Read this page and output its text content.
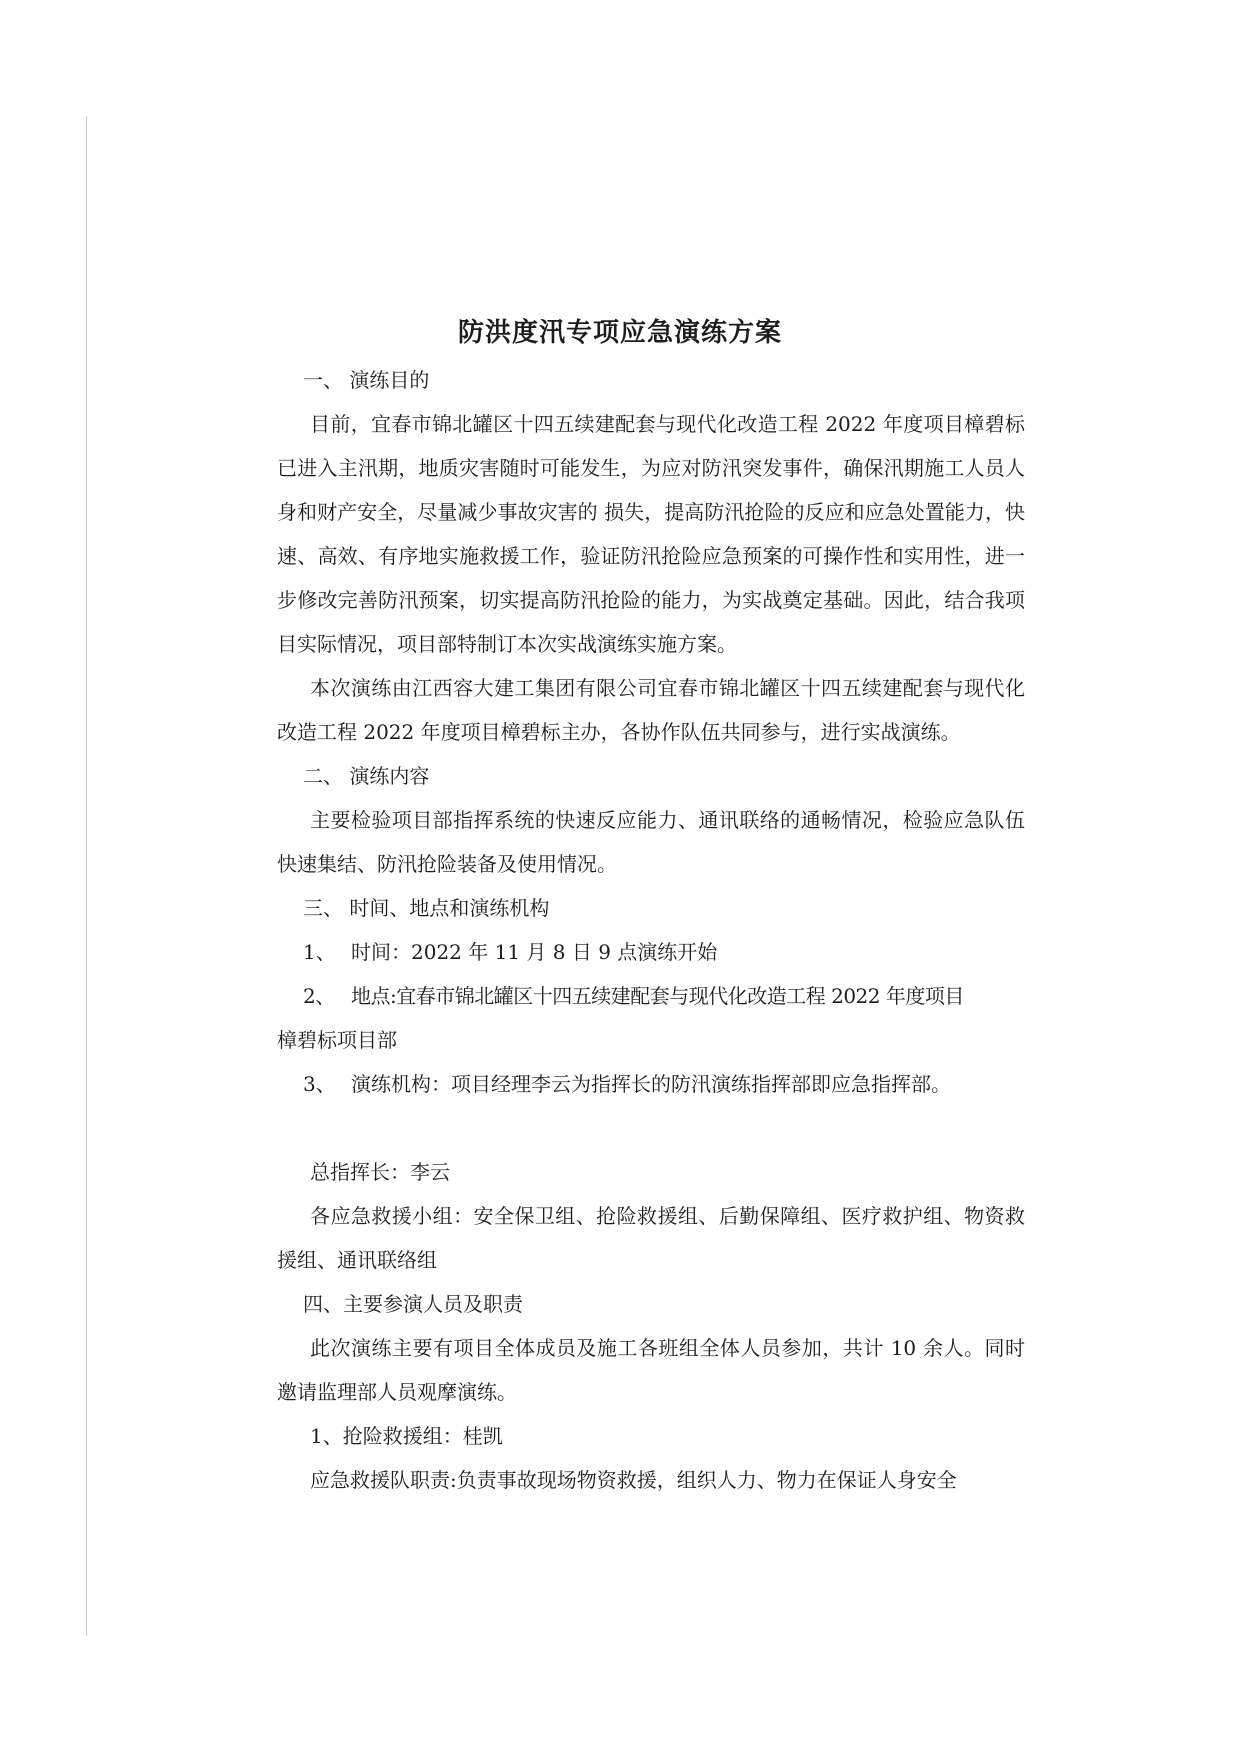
防洪度汛专项应急演练方案

一、 演练目的

目前，宜春市锦北罐区十四五续建配套与现代化改造工程 2022 年度项目樟碧标已进入主汛期，地质灾害随时可能发生，为应对防汛突发事件，确保汛期施工人员人身和财产安全，尽量减少事故灾害的 损失，提高防汛抢险的反应和应急处置能力，快速、高效、有序地实施救援工作，验证防汛抢险应急预案的可操作性和实用性，进一步修改完善防汛预案，切实提高防汛抢险的能力，为实战奠定基础。因此，结合我项目实际情况，项目部特制订本次实战演练实施方案。

本次演练由江西容大建工集团有限公司宜春市锦北罐区十四五续建配套与现代化改造工程 2022 年度项目樟碧标主办，各协作队伍共同参与，进行实战演练。

二、 演练内容

主要检验项目部指挥系统的快速反应能力、通讯联络的通畅情况，检验应急队伍快速集结、防汛抢险装备及使用情况。

三、 时间、地点和演练机构

1、 时间：2022 年 11 月 8 日 9 点演练开始

2、 地点:宜春市锦北罐区十四五续建配套与现代化改造工程 2022 年度项目

樟碧标项目部

3、 演练机构：项目经理李云为指挥长的防汛演练指挥部即应急指挥部。

总指挥长：李云

各应急救援小组：安全保卫组、抢险救援组、后勤保障组、医疗救护组、物资救援组、通讯联络组

四、主要参演人员及职责

此次演练主要有项目全体成员及施工各班组全体人员参加，共计 10 余人。同时邀请监理部人员观摩演练。

1、抢险救援组：桂凯

应急救援队职责:负责事故现场物资救援，组织人力、物力在保证人身安全
